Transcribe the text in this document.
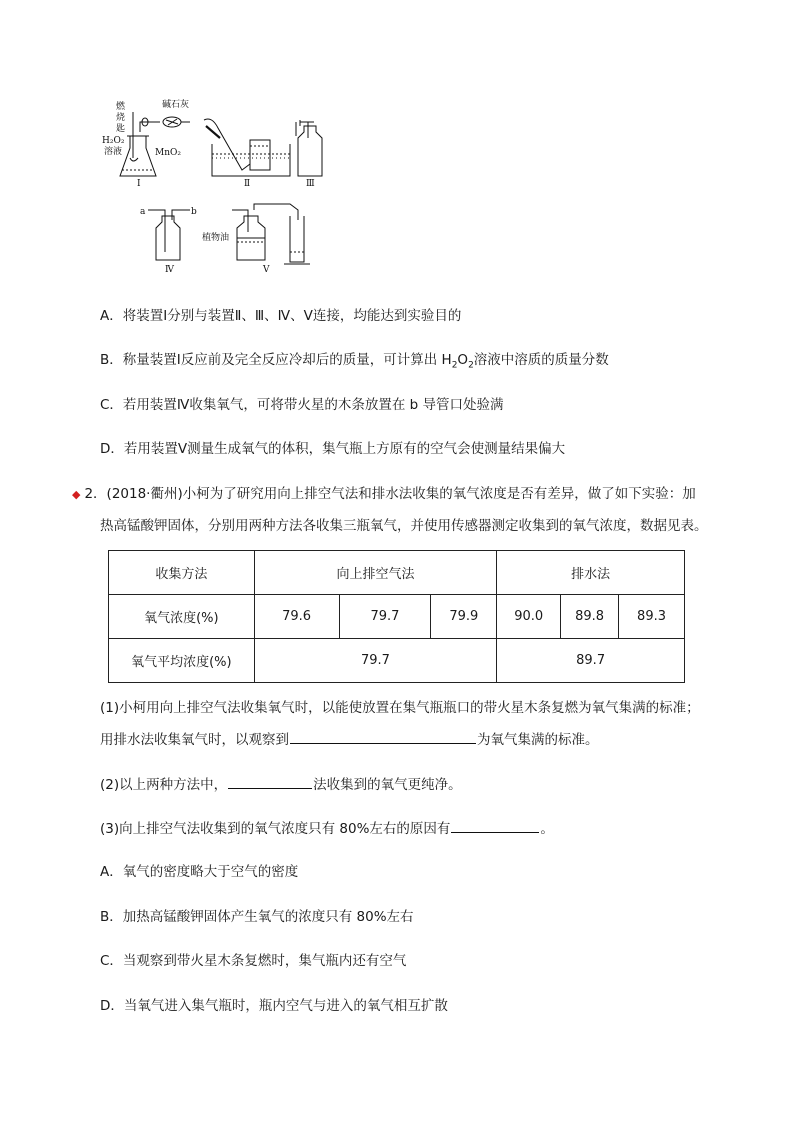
燃
烧
匙
H₂O₂
溶液
碱石灰
MnO₂
Ⅰ	Ⅱ	Ⅲ
a	b
Ⅳ
植物油
Ⅴ
A．将装置Ⅰ分别与装置Ⅱ、Ⅲ、Ⅳ、Ⅴ连接，均能达到实验目的
B．称量装置Ⅰ反应前及完全反应冷却后的质量，可计算出 $H_2O_2$溶液中溶质的质量分数
C．若用装置Ⅳ收集氧气，可将带火星的木条放置在 b 导管口处验满
D．若用装置Ⅴ测量生成氧气的体积，集气瓶上方原有的空气会使测量结果偏大
◆ 2．(2018·衢州)小柯为了研究用向上排空气法和排水法收集的氧气浓度是否有差异，做了如下实验：加
热高锰酸钾固体，分别用两种方法各收集三瓶氧气，并使用传感器测定收集到的氧气浓度，数据见表。
收集方法	向上排空气法			排水法		
氧气浓度(%)	79.6	79.7	79.9	90.0	89.8	89.3
氧气平均浓度(%)	79.7			89.7		
(1)小柯用向上排空气法收集氧气时，以能使放置在集气瓶瓶口的带火星木条复燃为氧气集满的标准；
用排水法收集氧气时，以观察到	为氧气集满的标准。
(2)以上两种方法中，	法收集到的氧气更纯净。
(3)向上排空气法收集到的氧气浓度只有 80%左右的原因有	。
A．氧气的密度略大于空气的密度
B．加热高锰酸钾固体产生氧气的浓度只有 80%左右
C．当观察到带火星木条复燃时，集气瓶内还有空气
D．当氧气进入集气瓶时，瓶内空气与进入的氧气相互扩散
